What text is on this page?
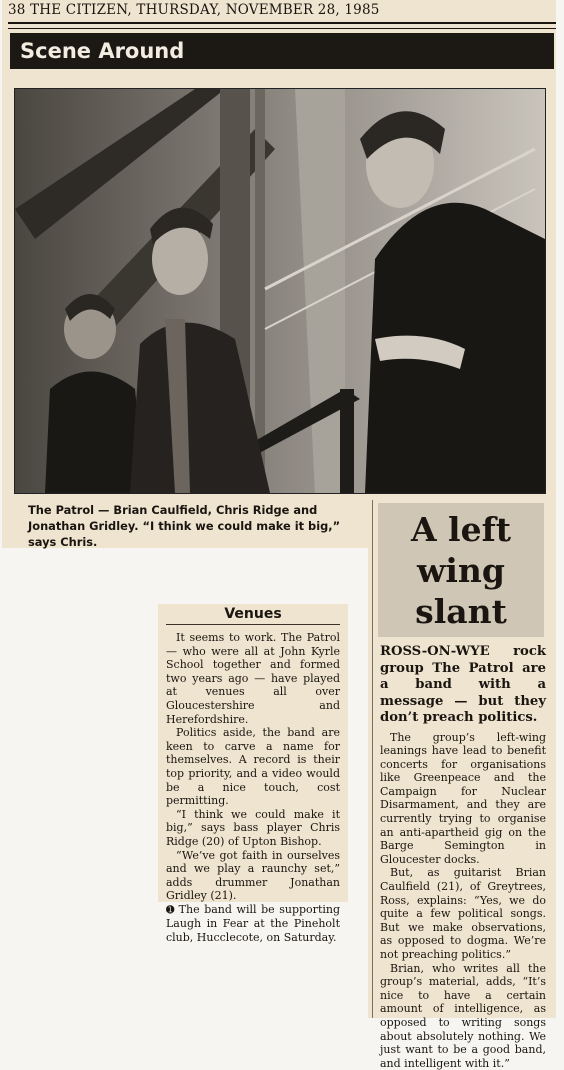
38 THE CITIZEN, THURSDAY, NOVEMBER 28, 1985
Scene Around
The Patrol — Brian Caulfield, Chris Ridge and Jonathan Gridley. “I think we could make it big,” says Chris.	A left
wing
slant

ROSS-ON-WYE rock group The Patrol are a band with a message — but they don’t preach politics.

The group’s left-wing leanings have lead to benefit concerts for organisations like Greenpeace and the Campaign for Nuclear Disarmament, and they are currently trying to organise an anti-apartheid gig on the Barge Semington in Gloucester docks.

But, as guitarist Brian Caulfield (21), of Greytrees, Ross, explains: “Yes, we do quite a few political songs. But we make observations, as opposed to dogma. We’re not preaching politics.”

Brian, who writes all the group’s material, adds, “It’s nice to have a certain amount of intelligence, as opposed to writing songs about absolutely nothing. We just want to be a good band, and intelligent with it.”

Venues

It seems to work. The Patrol — who were all at John Kyrle School together and formed two years ago — have played at venues all over Gloucestershire and Herefordshire.

Politics aside, the band are keen to carve a name for themselves. A record is their top priority, and a video would be a nice touch, cost permitting.

“I think we could make it big,” says bass player Chris Ridge (20) of Upton Bishop.

“We’ve got faith in ourselves and we play a raunchy set,” adds drummer Jonathan Gridley (21).

➊ The band will be supporting Laugh in Fear at the Pineholt club, Hucclecote, on Saturday.
